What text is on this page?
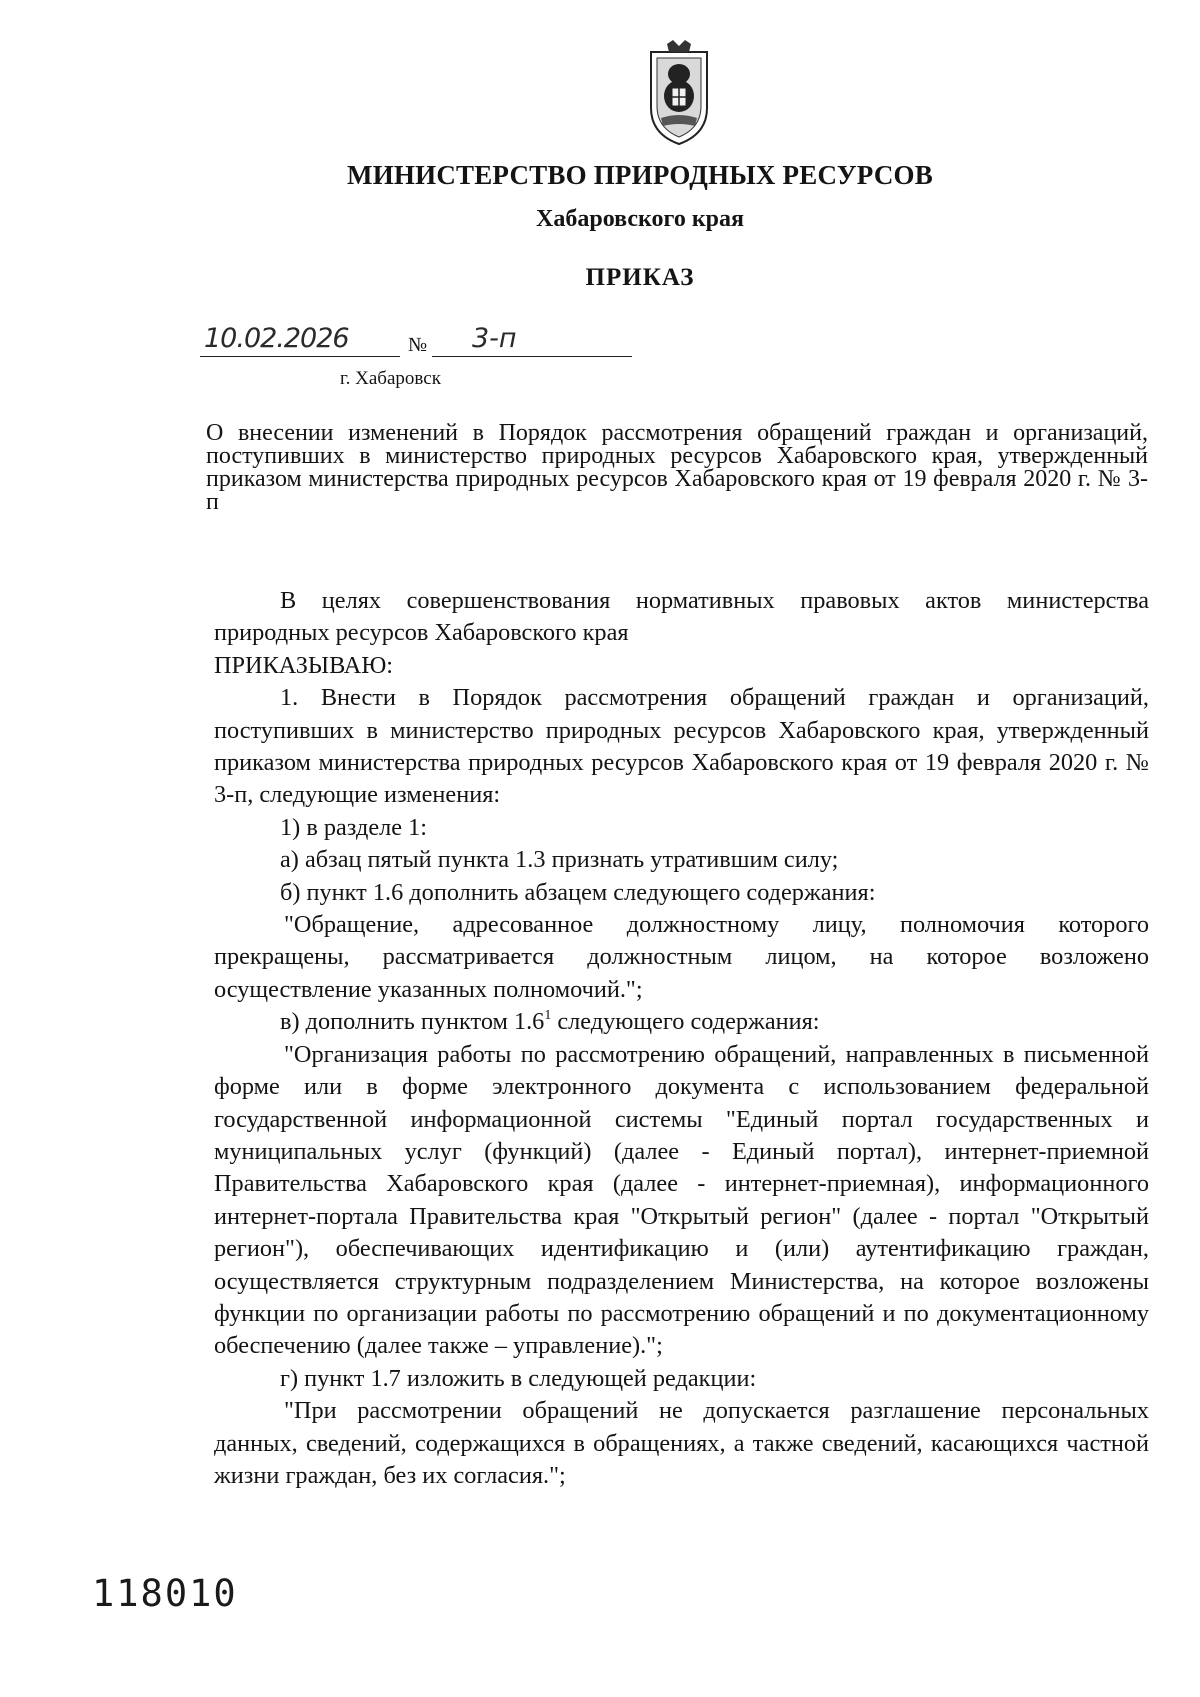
МИНИСТЕРСТВО ПРИРОДНЫХ РЕСУРСОВ
Хабаровского края
ПРИКАЗ
10.02.2026	№	3-п
г. Хабаровск

О внесении изменений в Порядок рассмотрения обращений граждан и организаций, поступивших в министерство природных ресурсов Хабаровского края, утвержденный приказом министерства природных ресурсов Хабаровского края от 19 февраля 2020 г. № 3-п

В целях совершенствования нормативных правовых актов министерства природных ресурсов Хабаровского края

ПРИКАЗЫВАЮ:

1. Внести в Порядок рассмотрения обращений граждан и организаций, поступивших в министерство природных ресурсов Хабаровского края, утвержденный приказом министерства природных ресурсов Хабаровского края от 19 февраля 2020 г. № 3-п, следующие изменения:

1) в разделе 1:

а) абзац пятый пункта 1.3 признать утратившим силу;

б) пункт 1.6 дополнить абзацем следующего содержания:

"Обращение, адресованное должностному лицу, полномочия которого прекращены, рассматривается должностным лицом, на которое возложено осуществление указанных полномочий.";

в) дополнить пунктом $1.6^1$ следующего содержания:

"Организация работы по рассмотрению обращений, направленных в письменной форме или в форме электронного документа с использованием федеральной государственной информационной системы "Единый портал государственных и муниципальных услуг (функций) (далее - Единый портал), интернет-приемной Правительства Хабаровского края (далее - интернет-приемная), информационного интернет-портала Правительства края "Открытый регион" (далее - портал "Открытый регион"), обеспечивающих идентификацию и (или) аутентификацию граждан, осуществляется структурным подразделением Министерства, на которое возложены функции по организации работы по рассмотрению обращений и по документационному обеспечению (далее также – управление).";

г) пункт 1.7 изложить в следующей редакции:

"При рассмотрении обращений не допускается разглашение персональных данных, сведений, содержащихся в обращениях, а также сведений, касающихся частной жизни граждан, без их согласия.";

118010
